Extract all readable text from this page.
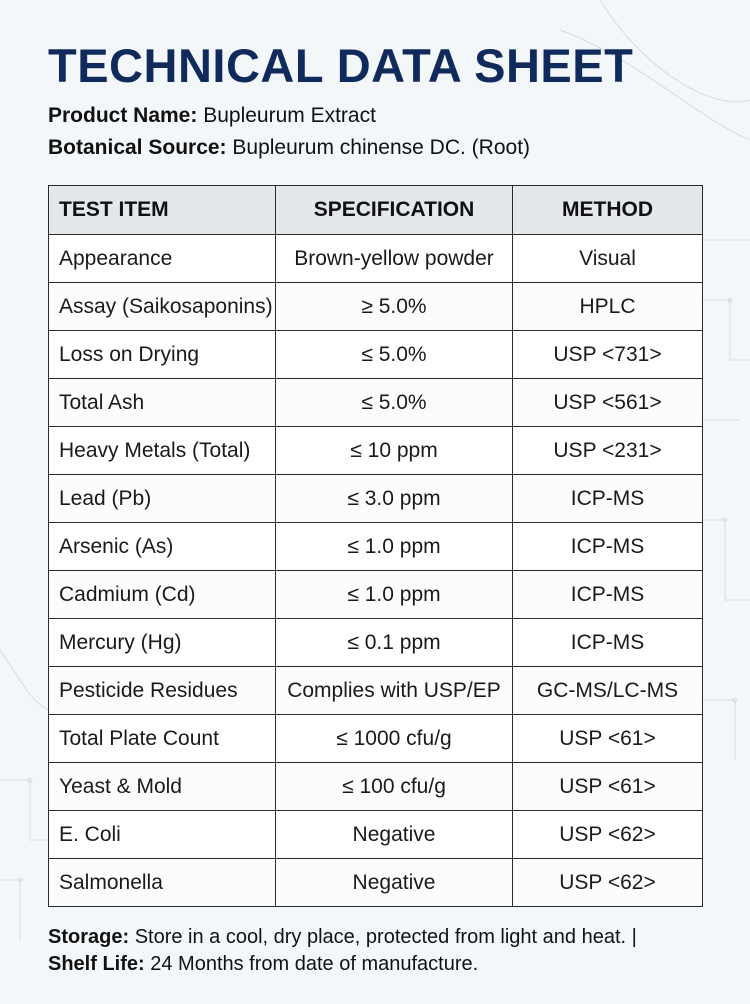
TECHNICAL DATA SHEET
Product Name: Bupleurum Extract
Botanical Source: Bupleurum chinense DC. (Root)
TEST ITEM	SPECIFICATION	METHOD
Appearance	Brown-yellow powder	Visual
Assay (Saikosaponins)	≥ 5.0%	HPLC
Loss on Drying	≤ 5.0%	USP <731>
Total Ash	≤ 5.0%	USP <561>
Heavy Metals (Total)	≤ 10 ppm	USP <231>
Lead (Pb)	≤ 3.0 ppm	ICP-MS
Arsenic (As)	≤ 1.0 ppm	ICP-MS
Cadmium (Cd)	≤ 1.0 ppm	ICP-MS
Mercury (Hg)	≤ 0.1 ppm	ICP-MS
Pesticide Residues	Complies with USP/EP	GC-MS/LC-MS
Total Plate Count	≤ 1000 cfu/g	USP <61>
Yeast & Mold	≤ 100 cfu/g	USP <61>
E. Coli	Negative	USP <62>
Salmonella	Negative	USP <62>
Storage: Store in a cool, dry place, protected from light and heat. |
Shelf Life: 24 Months from date of manufacture.
